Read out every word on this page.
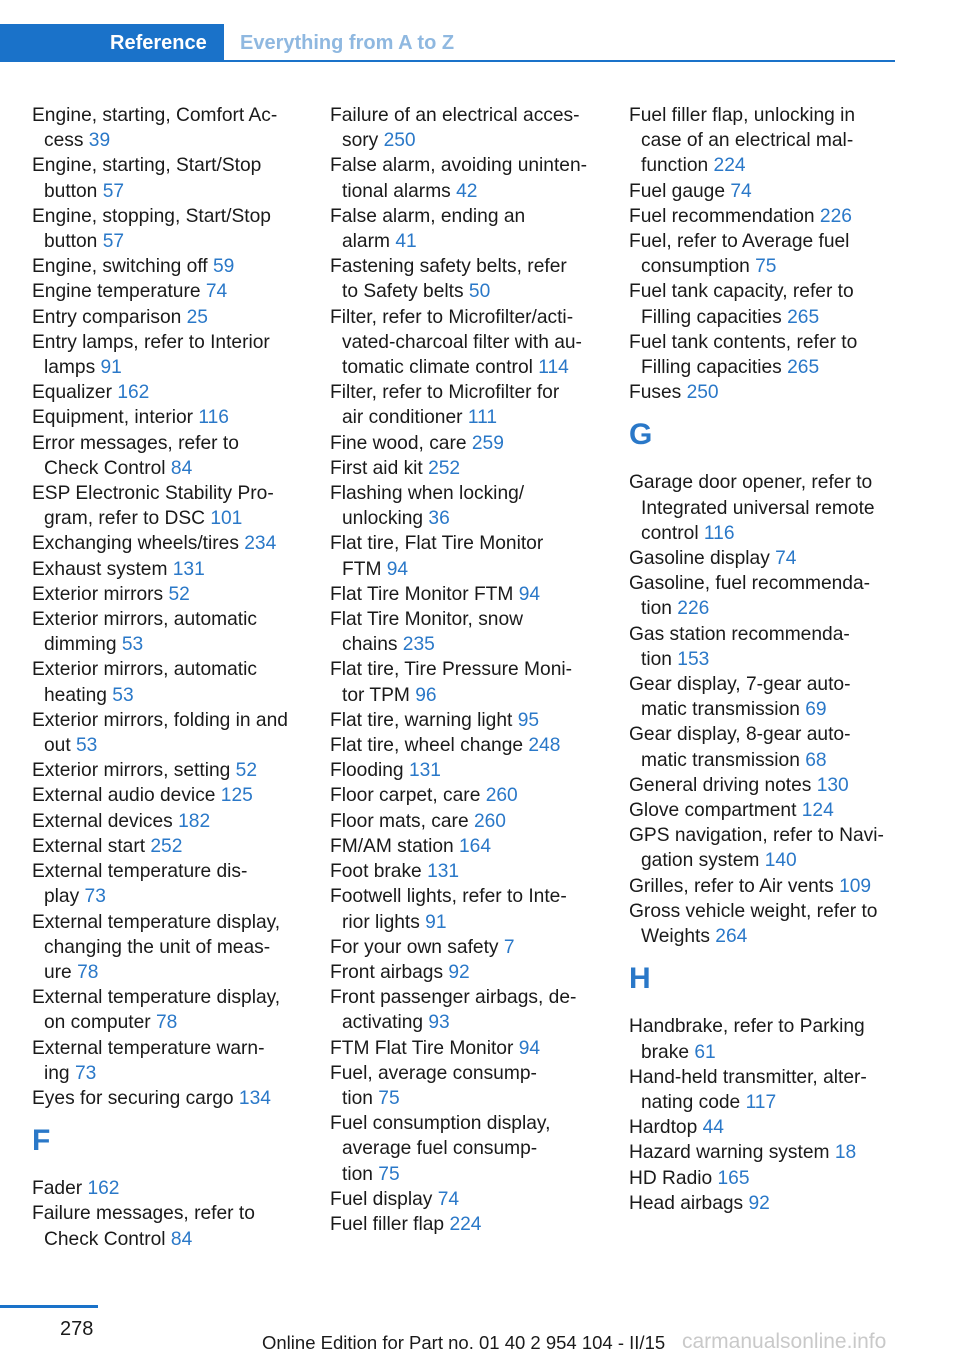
Reference	Everything from A to Z

Engine, starting, Comfort Ac-
cess 39

Engine, starting, Start/Stop
button 57

Engine, stopping, Start/Stop
button 57

Engine, switching off 59

Engine temperature 74

Entry comparison 25

Entry lamps, refer to Interior
lamps 91

Equalizer 162

Equipment, interior 116

Error messages, refer to
Check Control 84

ESP Electronic Stability Pro-
gram, refer to DSC 101

Exchanging wheels/tires 234

Exhaust system 131

Exterior mirrors 52

Exterior mirrors, automatic
dimming 53

Exterior mirrors, automatic
heating 53

Exterior mirrors, folding in and
out 53

Exterior mirrors, setting 52

External audio device 125

External devices 182

External start 252

External temperature dis-
play 73

External temperature display,
changing the unit of meas-
ure 78

External temperature display,
on computer 78

External temperature warn-
ing 73

Eyes for securing cargo 134

F

Fader 162

Failure messages, refer to
Check Control 84

Failure of an electrical acces-
sory 250

False alarm, avoiding uninten-
tional alarms 42

False alarm, ending an
alarm 41

Fastening safety belts, refer
to Safety belts 50

Filter, refer to Microfilter/acti-
vated-charcoal filter with au-
tomatic climate control 114

Filter, refer to Microfilter for
air conditioner 111

Fine wood, care 259

First aid kit 252

Flashing when locking/
unlocking 36

Flat tire, Flat Tire Monitor
FTM 94

Flat Tire Monitor FTM 94

Flat Tire Monitor, snow
chains 235

Flat tire, Tire Pressure Moni-
tor TPM 96

Flat tire, warning light 95

Flat tire, wheel change 248

Flooding 131

Floor carpet, care 260

Floor mats, care 260

FM/AM station 164

Foot brake 131

Footwell lights, refer to Inte-
rior lights 91

For your own safety 7

Front airbags 92

Front passenger airbags, de-
activating 93

FTM Flat Tire Monitor 94

Fuel, average consump-
tion 75

Fuel consumption display,
average fuel consump-
tion 75

Fuel display 74

Fuel filler flap 224

Fuel filler flap, unlocking in
case of an electrical mal-
function 224

Fuel gauge 74

Fuel recommendation 226

Fuel, refer to Average fuel
consumption 75

Fuel tank capacity, refer to
Filling capacities 265

Fuel tank contents, refer to
Filling capacities 265

Fuses 250

G

Garage door opener, refer to
Integrated universal remote
control 116

Gasoline display 74

Gasoline, fuel recommenda-
tion 226

Gas station recommenda-
tion 153

Gear display, 7-gear auto-
matic transmission 69

Gear display, 8-gear auto-
matic transmission 68

General driving notes 130

Glove compartment 124

GPS navigation, refer to Navi-
gation system 140

Grilles, refer to Air vents 109

Gross vehicle weight, refer to
Weights 264

H

Handbrake, refer to Parking
brake 61

Hand-held transmitter, alter-
nating code 117

Hardtop 44

Hazard warning system 18

HD Radio 165

Head airbags 92

278
Online Edition for Part no. 01 40 2 954 104 - II/15 carmanualsonline.info
